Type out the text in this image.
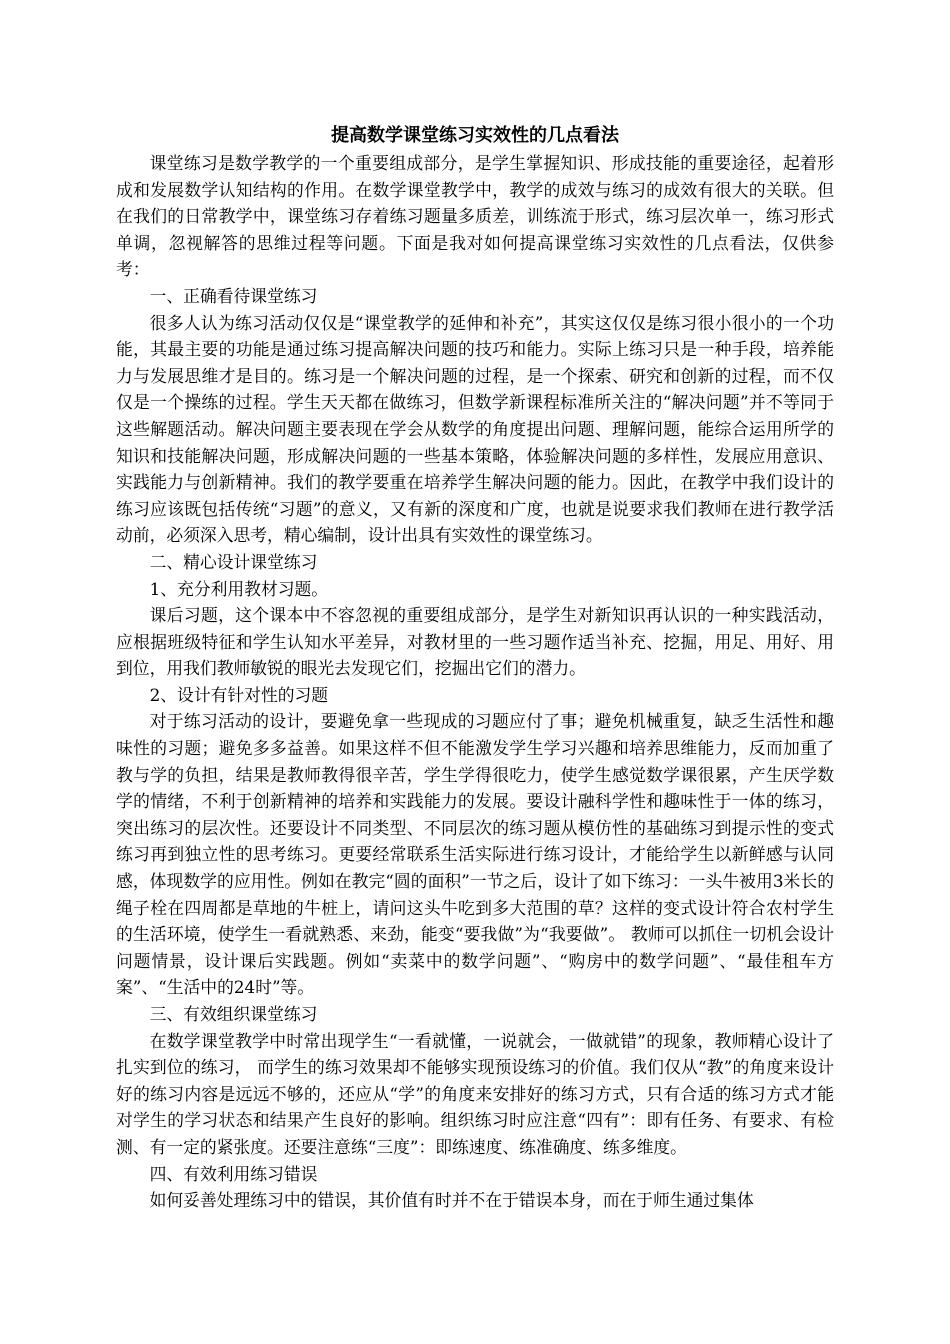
提高数学课堂练习实效性的几点看法

课堂练习是数学教学的一个重要组成部分，是学生掌握知识、形成技能的重要途径，起着形成和发展数学认知结构的作用。在数学课堂教学中，教学的成效与练习的成效有很大的关联。但在我们的日常教学中，课堂练习存着练习题量多质差，训练流于形式，练习层次单一，练习形式单调，忽视解答的思维过程等问题。下面是我对如何提高课堂练习实效性的几点看法，仅供参考：

一、正确看待课堂练习

很多人认为练习活动仅仅是“课堂教学的延伸和补充”，其实这仅仅是练习很小很小的一个功能，其最主要的功能是通过练习提高解决问题的技巧和能力。实际上练习只是一种手段，培养能力与发展思维才是目的。练习是一个解决问题的过程，是一个探索、研究和创新的过程，而不仅仅是一个操练的过程。学生天天都在做练习，但数学新课程标准所关注的“解决问题”并不等同于这些解题活动。解决问题主要表现在学会从数学的角度提出问题、理解问题，能综合运用所学的知识和技能解决问题，形成解决问题的一些基本策略，体验解决问题的多样性，发展应用意识、实践能力与创新精神。我们的教学要重在培养学生解决问题的能力。因此，在教学中我们设计的练习应该既包括传统“习题”的意义，又有新的深度和广度，也就是说要求我们教师在进行教学活动前，必须深入思考，精心编制，设计出具有实效性的课堂练习。

二、精心设计课堂练习

1、充分利用教材习题。

课后习题，这个课本中不容忽视的重要组成部分，是学生对新知识再认识的一种实践活动，应根据班级特征和学生认知水平差异，对教材里的一些习题作适当补充、挖掘，用足、用好、用到位，用我们教师敏锐的眼光去发现它们，挖掘出它们的潜力。

2、设计有针对性的习题

对于练习活动的设计，要避免拿一些现成的习题应付了事；避免机械重复，缺乏生活性和趣味性的习题；避免多多益善。如果这样不但不能激发学生学习兴趣和培养思维能力，反而加重了教与学的负担，结果是教师教得很辛苦，学生学得很吃力，使学生感觉数学课很累，产生厌学数学的情绪，不利于创新精神的培养和实践能力的发展。要设计融科学性和趣味性于一体的练习，突出练习的层次性。还要设计不同类型、不同层次的练习题从模仿性的基础练习到提示性的变式练习再到独立性的思考练习。更要经常联系生活实际进行练习设计，才能给学生以新鲜感与认同感，体现数学的应用性。例如在教完“圆的面积”一节之后，设计了如下练习：一头牛被用3米长的绳子栓在四周都是草地的牛桩上，请问这头牛吃到多大范围的草？这样的变式设计符合农村学生的生活环境，使学生一看就熟悉、来劲，能变“要我做”为“我要做”。 教师可以抓住一切机会设计问题情景，设计课后实践题。例如“卖菜中的数学问题”、“购房中的数学问题”、“最佳租车方案”、“生活中的24时”等。

三、有效组织课堂练习

在数学课堂教学中时常出现学生“一看就懂，一说就会，一做就错”的现象，教师精心设计了扎实到位的练习， 而学生的练习效果却不能够实现预设练习的价值。我们仅从“教”的角度来设计好的练习内容是远远不够的，还应从“学”的角度来安排好的练习方式，只有合适的练习方式才能对学生的学习状态和结果产生良好的影响。组织练习时应注意“四有”：即有任务、有要求、有检测、有一定的紧张度。还要注意练“三度”：即练速度、练准确度、练多维度。

四、有效利用练习错误

如何妥善处理练习中的错误，其价值有时并不在于错误本身，而在于师生通过集体
